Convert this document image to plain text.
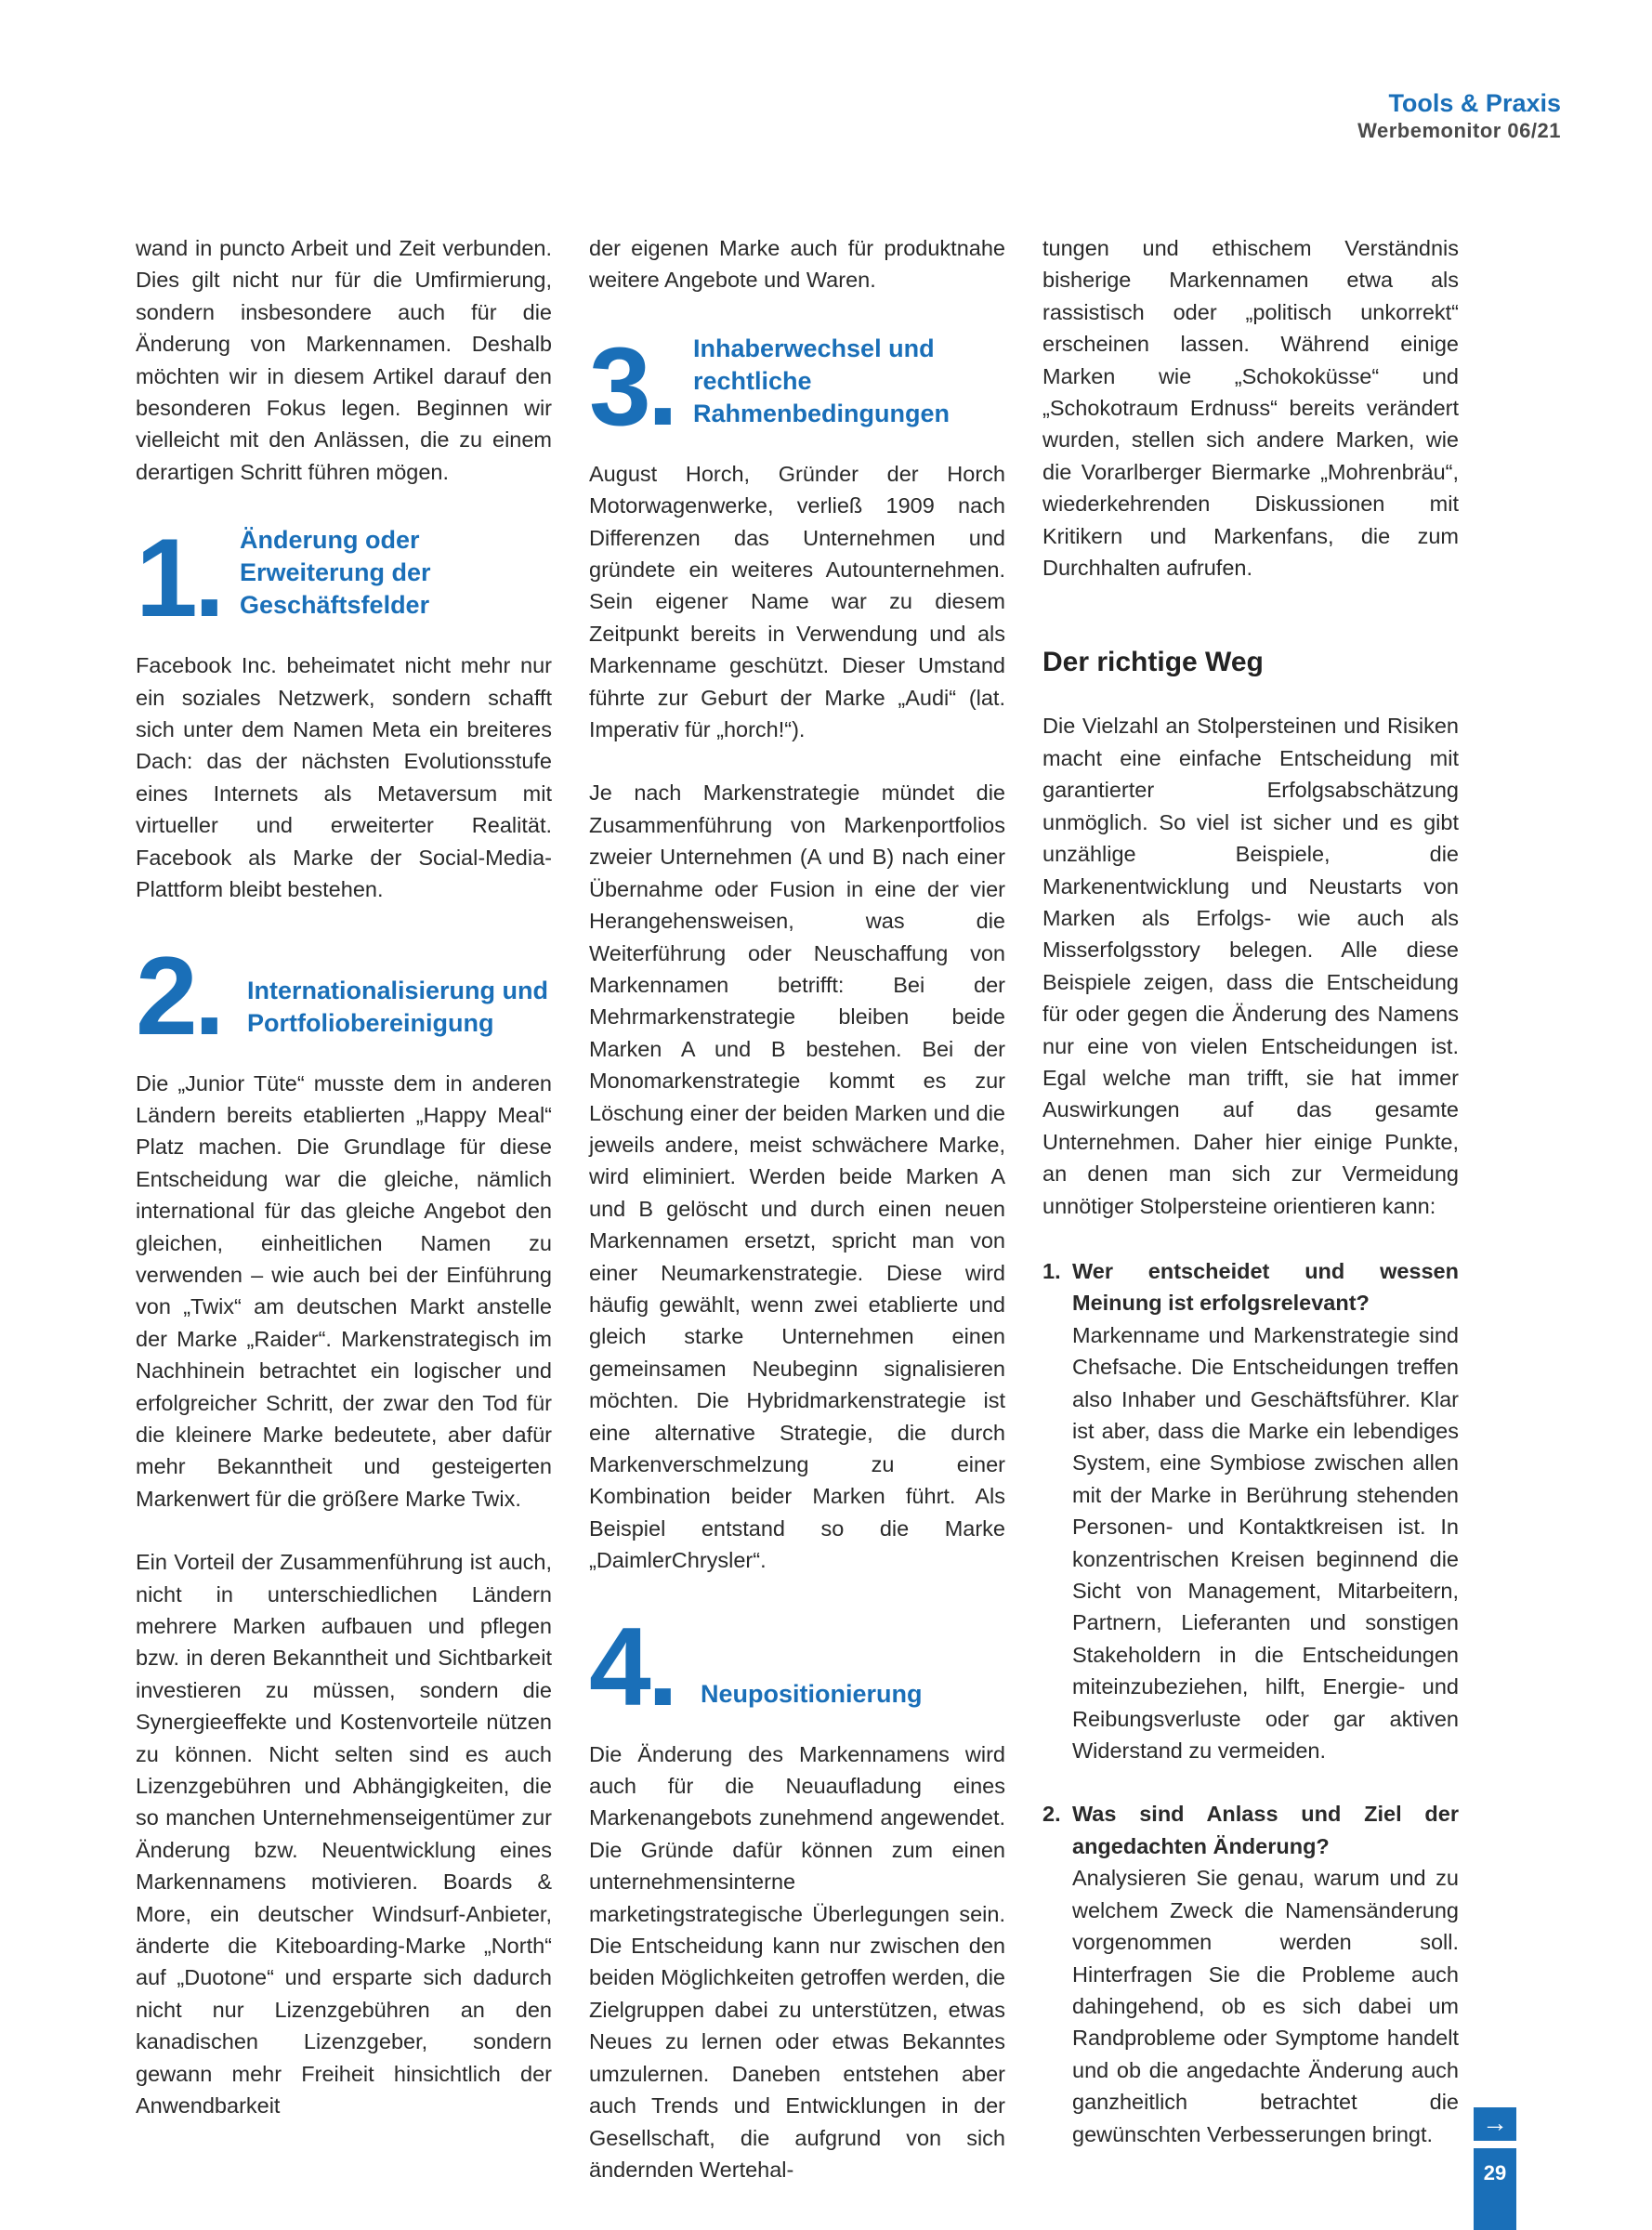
Tools & Praxis
Werbemonitor 06/21

wand in puncto Arbeit und Zeit verbunden. Dies gilt nicht nur für die Umfirmierung, sondern insbesondere auch für die Änderung von Markennamen. Deshalb möchten wir in diesem Artikel darauf den besonderen Fokus legen. Beginnen wir vielleicht mit den Anlässen, die zu einem derartigen Schritt führen mögen.

1. Änderung oder Erweiterung der Geschäftsfelder

Facebook Inc. beheimatet nicht mehr nur ein soziales Netzwerk, sondern schafft sich unter dem Namen Meta ein breiteres Dach: das der nächsten Evolutionsstufe eines Internets als Metaversum mit virtueller und erweiterter Realität. Facebook als Marke der Social-Media-Plattform bleibt bestehen.

2.	Internationalisierung und Portfoliobereinigung

Die „Junior Tüte“ musste dem in anderen Ländern bereits etablierten „Happy Meal“ Platz machen. Die Grundlage für diese Entscheidung war die gleiche, nämlich international für das gleiche Angebot den gleichen, einheitlichen Namen zu verwenden – wie auch bei der Einführung von „Twix“ am deutschen Markt anstelle der Marke „Raider“. Markenstrategisch im Nachhinein betrachtet ein logischer und erfolgreicher Schritt, der zwar den Tod für die kleinere Marke bedeutete, aber dafür mehr Bekanntheit und gesteigerten Markenwert für die größere Marke Twix.

Ein Vorteil der Zusammenführung ist auch, nicht in unterschiedlichen Ländern mehrere Marken aufbauen und pflegen bzw. in deren Bekanntheit und Sichtbarkeit investieren zu müssen, sondern die Synergieeffekte und Kostenvorteile nützen zu können. Nicht selten sind es auch Lizenzgebühren und Abhängigkeiten, die so manchen Unternehmenseigentümer zur Änderung bzw. Neuentwicklung eines Markennamens motivieren. Boards & More, ein deutscher Windsurf-Anbieter, änderte die Kiteboarding-Marke „North“ auf „Duotone“ und ersparte sich dadurch nicht nur Lizenzgebühren an den kanadischen Lizenzgeber, sondern gewann mehr Freiheit hinsichtlich der Anwendbarkeit

der eigenen Marke auch für produktnahe weitere Angebote und Waren.

3. Inhaberwechsel und rechtliche Rahmenbedingungen

August Horch, Gründer der Horch Motorwagenwerke, verließ 1909 nach Differenzen das Unternehmen und gründete ein weiteres Autounternehmen. Sein eigener Name war zu diesem Zeitpunkt bereits in Verwendung und als Markenname geschützt. Dieser Umstand führte zur Geburt der Marke „Audi“ (lat. Imperativ für „horch!“).

Je nach Markenstrategie mündet die Zusammenführung von Markenportfolios zweier Unternehmen (A und B) nach einer Übernahme oder Fusion in eine der vier Herangehensweisen, was die Weiterführung oder Neuschaffung von Markennamen betrifft: Bei der Mehrmarkenstrategie bleiben beide Marken A und B bestehen. Bei der Monomarkenstrategie kommt es zur Löschung einer der beiden Marken und die jeweils andere, meist schwächere Marke, wird eliminiert. Werden beide Marken A und B gelöscht und durch einen neuen Markennamen ersetzt, spricht man von einer Neumarkenstrategie. Diese wird häufig gewählt, wenn zwei etablierte und gleich starke Unternehmen einen gemeinsamen Neubeginn signalisieren möchten. Die Hybridmarkenstrategie ist eine alternative Strategie, die durch Markenverschmelzung zu einer Kombination beider Marken führt. Als Beispiel entstand so die Marke „DaimlerChrysler“.

4.	Neupositionierung

Die Änderung des Markennamens wird auch für die Neuaufladung eines Markenangebots zunehmend angewendet. Die Gründe dafür können zum einen unternehmensinterne marketingstrategische Überlegungen sein. Die Entscheidung kann nur zwischen den beiden Möglichkeiten getroffen werden, die Zielgruppen dabei zu unterstützen, etwas Neues zu lernen oder etwas Bekanntes umzulernen. Daneben entstehen aber auch Trends und Entwicklungen in der Gesellschaft, die aufgrund von sich ändernden Wertehal-

tungen und ethischem Verständnis bisherige Markennamen etwa als rassistisch oder „politisch unkorrekt“ erscheinen lassen. Während einige Marken wie „Schokoküsse“ und „Schokotraum Erdnuss“ bereits verändert wurden, stellen sich andere Marken, wie die Vorarlberger Biermarke „Mohrenbräu“, wiederkehrenden Diskussionen mit Kritikern und Markenfans, die zum Durchhalten aufrufen.

Der richtige Weg

Die Vielzahl an Stolpersteinen und Risiken macht eine einfache Entscheidung mit garantierter Erfolgsabschätzung unmöglich. So viel ist sicher und es gibt unzählige Beispiele, die Markenentwicklung und Neustarts von Marken als Erfolgs- wie auch als Misserfolgsstory belegen. Alle diese Beispiele zeigen, dass die Entscheidung für oder gegen die Änderung des Namens nur eine von vielen Entscheidungen ist. Egal welche man trifft, sie hat immer Auswirkungen auf das gesamte Unternehmen. Daher hier einige Punkte, an denen man sich zur Vermeidung unnötiger Stolpersteine orientieren kann:

1. Wer entscheidet und wessen Meinung ist erfolgsrelevant?
Markenname und Markenstrategie sind Chefsache. Die Entscheidungen treffen also Inhaber und Geschäftsführer. Klar ist aber, dass die Marke ein lebendiges System, eine Symbiose zwischen allen mit der Marke in Berührung stehenden Personen- und Kontaktkreisen ist. In konzentrischen Kreisen beginnend die Sicht von Management, Mitarbeitern, Partnern, Lieferanten und sonstigen Stakeholdern in die Entscheidungen miteinzubeziehen, hilft, Energie- und Reibungsverluste oder gar aktiven Widerstand zu vermeiden.
2. Was sind Anlass und Ziel der angedachten Änderung?
Analysieren Sie genau, warum und zu welchem Zweck die Namensänderung vorgenommen werden soll. Hinterfragen Sie die Probleme auch dahingehend, ob es sich dabei um Randprobleme oder Symptome handelt und ob die angedachte Änderung auch ganzheitlich betrachtet die gewünschten Verbesserungen bringt.	→
29
